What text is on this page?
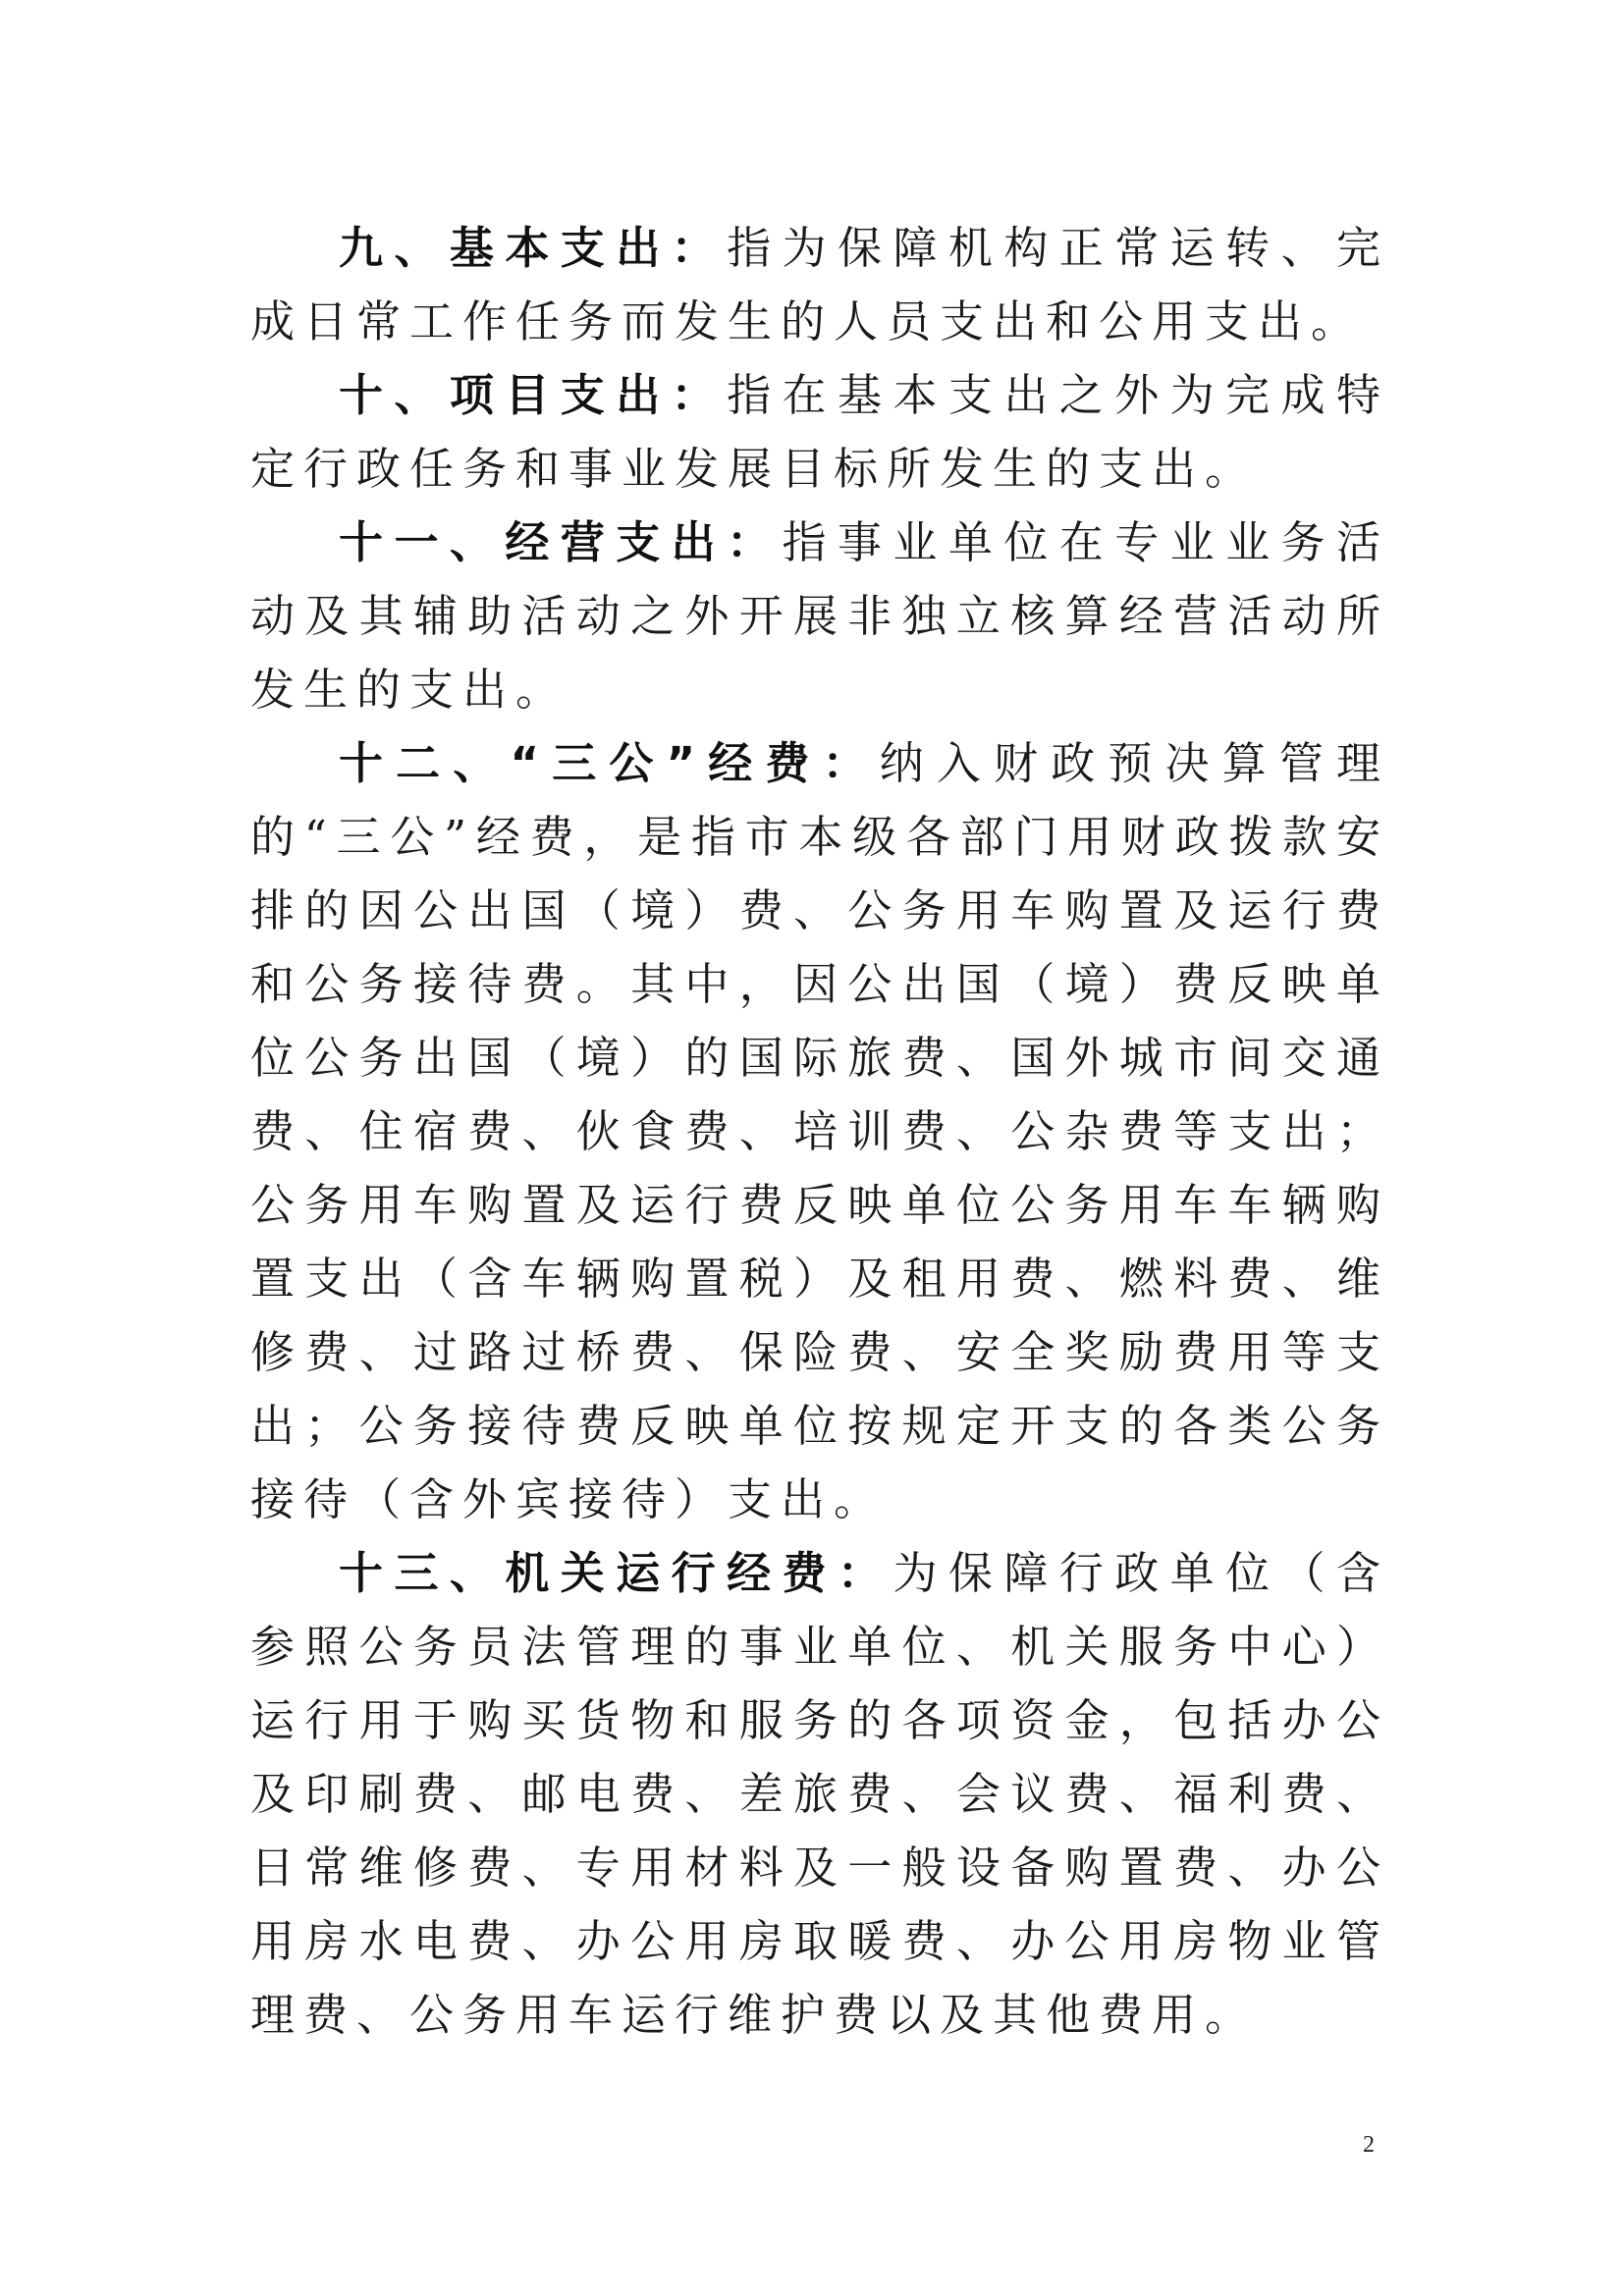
九、基本支出：指为保障机构正常运转、完成日常工作任务而发生的人员支出和公用支出。

十、项目支出：指在基本支出之外为完成特定行政任务和事业发展目标所发生的支出。

十一、经营支出：指事业单位在专业业务活动及其辅助活动之外开展非独立核算经营活动所发生的支出。

十二、“三公”经费：纳入财政预决算管理的“三公”经费，是指市本级各部门用财政拨款安排的因公出国（境）费、公务用车购置及运行费和公务接待费。其中，因公出国（境）费反映单位公务出国（境）的国际旅费、国外城市间交通费、住宿费、伙食费、培训费、公杂费等支出；公务用车购置及运行费反映单位公务用车车辆购置支出（含车辆购置税）及租用费、燃料费、维修费、过路过桥费、保险费、安全奖励费用等支出；公务接待费反映单位按规定开支的各类公务接待（含外宾接待）支出。

十三、机关运行经费：为保障行政单位（含参照公务员法管理的事业单位、机关服务中心）运行用于购买货物和服务的各项资金，包括办公及印刷费、邮电费、差旅费、会议费、福利费、日常维修费、专用材料及一般设备购置费、办公用房水电费、办公用房取暖费、办公用房物业管理费、公务用车运行维护费以及其他费用。

2
